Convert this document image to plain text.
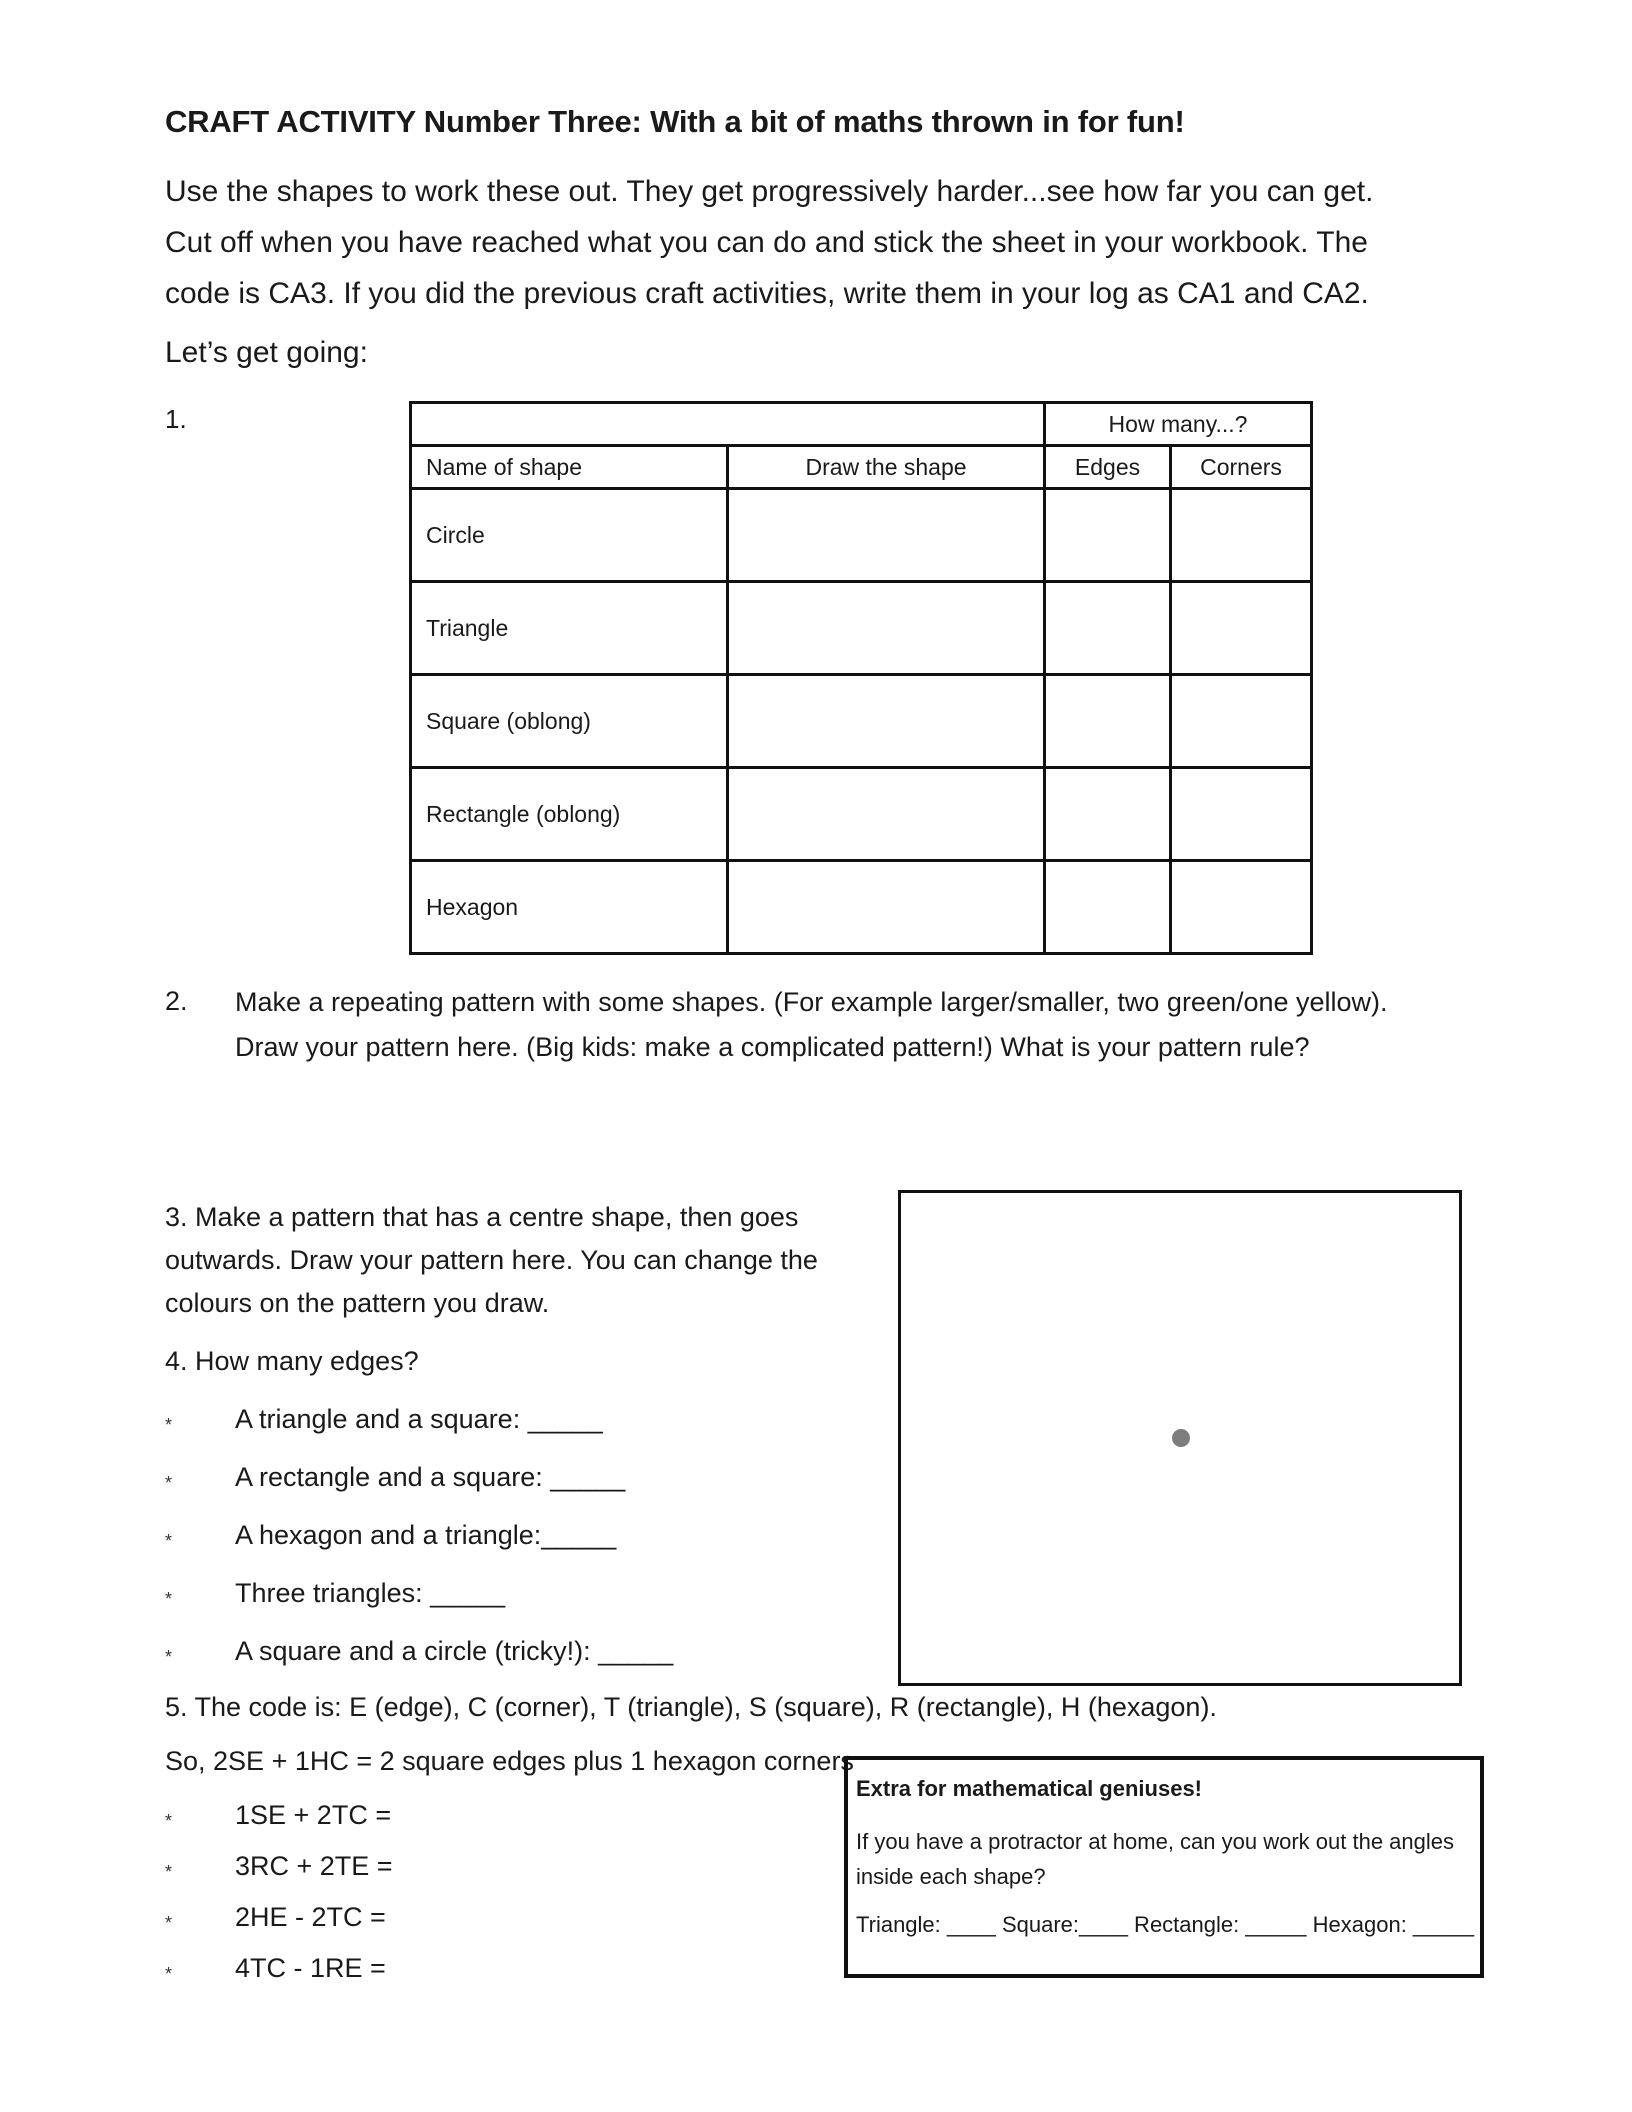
CRAFT ACTIVITY Number Three: With a bit of maths thrown in for fun!

Use the shapes to work these out. They get progressively harder...see how far you can get.

Cut off when you have reached what you can do and stick the sheet in your workbook. The

code is CA3. If you did the previous craft activities, write them in your log as CA1 and CA2.

Let’s get going:
1.
		How many...?	
Name of shape	Draw the shape	Edges	Corners
Circle			
Triangle			
Square (oblong)			
Rectangle (oblong)			
Hexagon			
2. Make a repeating pattern with some shapes. (For example larger/smaller, two green/one yellow).
Draw your pattern here. (Big kids: make a complicated pattern!) What is your pattern rule?
3. Make a pattern that has a centre shape, then goes
outwards. Draw your pattern here. You can change the
colours on the pattern you draw.
4. How many edges?
* A triangle and a square: _____
* A rectangle and a square: _____
* A hexagon and a triangle:_____
* Three triangles: _____
* A square and a circle (tricky!): _____
5. The code is: E (edge), C (corner), T (triangle), S (square), R (rectangle), H (hexagon).
So, 2SE + 1HC = 2 square edges plus 1 hexagon corners
* 1SE + 2TC =
* 3RC + 2TE =
* 2HE - 2TC =
* 4TC - 1RE =
Extra for mathematical geniuses!
If you have a protractor at home, can you work out the angles
inside each shape?
Triangle: ____ Square:____ Rectangle: _____ Hexagon: _____
